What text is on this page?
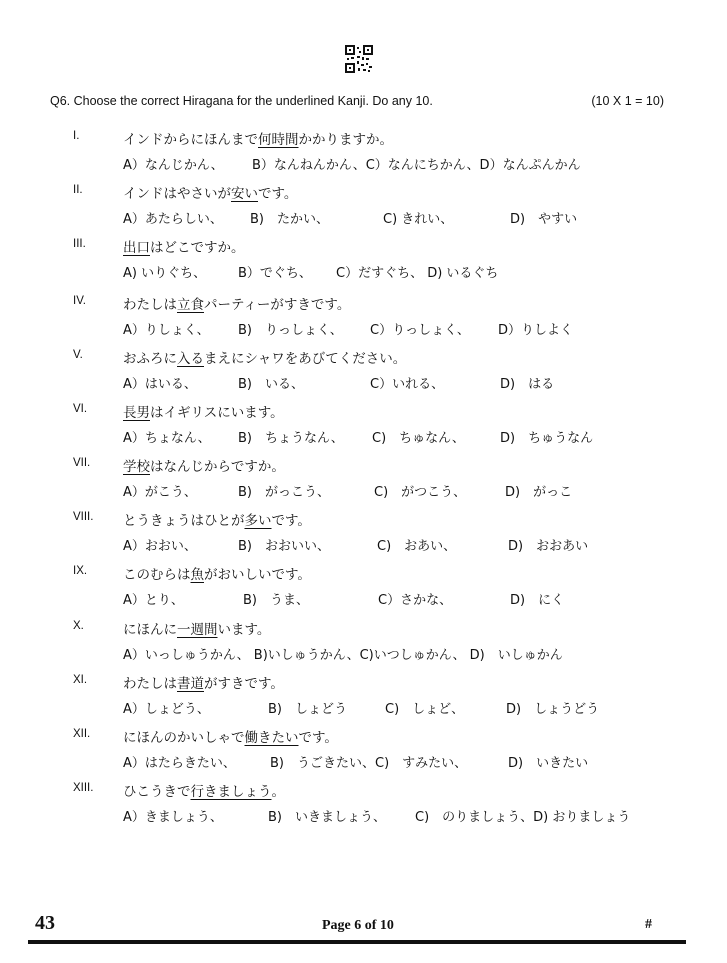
Q6. Choose the correct Hiragana for the underlined Kanji. Do any 10.	(10 X 1 = 10)
I.	インドからにほんまで何時間かかりますか。
A）なんじかん、 B）なんねんかん、C）なんにちかん、D）なんぷんかん
II.	インドはやさいが安いです。
A）あたらしい、 B)　たかい、	C) きれい、	D)　やすい
III.	出口はどこですか。
A) いりぐち、 B）でぐち、 C）だすぐち、 D) いるぐち
IV.	わたしは立食パーティーがすきです。
A）りしょく、 B)　りっしょく、 C）りっしょく、 D）りしよく
V.	おふろに入るまえにシャワをあびてください。
A）はいる、	B)　いる、	C）いれる、	D)　はる
VI.	長男はイギリスにいます。
A）ちょなん、 B)　ちょうなん、 C)　ちゅなん、	D)　ちゅうなん
VII.	学校はなんじからですか。
A）がこう、	B)　がっこう、	C)　がつこう、	D)　がっこ
VIII.	とうきょうはひとが多いです。
A）おおい、	B)　おおいい、	C)　おあい、	D)　おおあい
IX.	このむらは魚がおいしいです。
A）とり、	B)　うま、	C）さかな、	D)　にく
X.	にほんに一週間います。
A）いっしゅうかん、 B)いしゅうかん、C)いつしゅかん、 D)　いしゅかん
XI.	わたしは書道がすきです。
A）しょどう、	B)　しょどう	C)　しょど、	D)　しょうどう
XII.	にほんのかいしゃで働きたいです。
A）はたらきたい、	B)　うごきたい、C)　すみたい、	D)　いきたい
XIII.	ひこうきで行きましょう。
A）きましょう、	B)　いきましょう、 C)　のりましょう、D) おりましょう
43	Page 6 of 10	#
